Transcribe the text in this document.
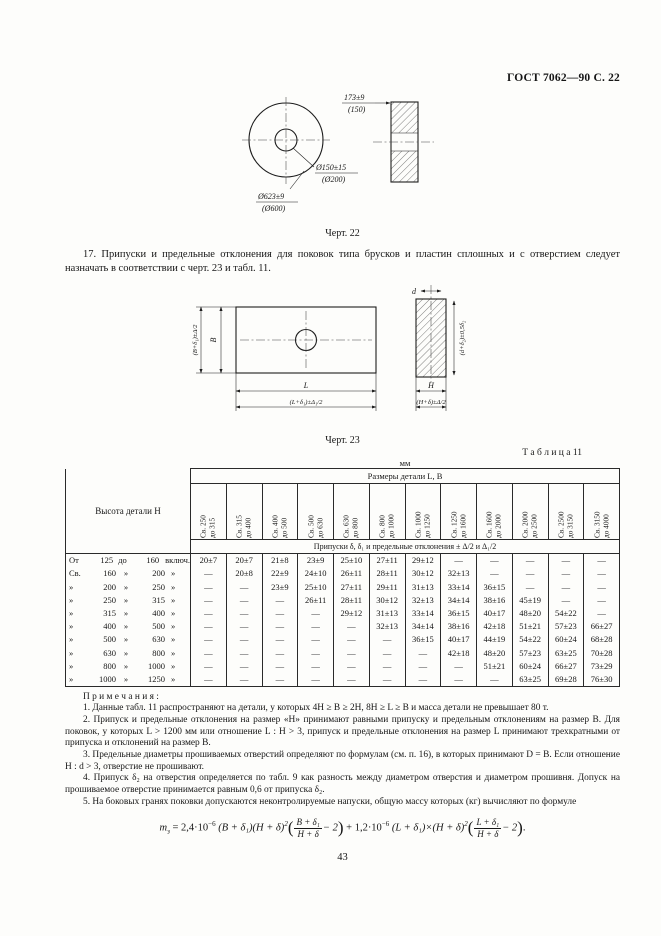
ГОСТ 7062—90 С. 22
Ø150±15
(Ø200)
Ø623±9
(Ø600)
173±9
(150)
Черт. 22

17. Припуски и предельные отклонения для поковок типа брусков и пластин сплошных и с отверстием следует назначать в соответствии с черт. 23 и табл. 11.

B
(B+δ₁)±Δ/2
L
(L+δ₁)±Δ₁/2
d
(d+δ₂)±0,5δ₂
H
(H+δ)±Δ/2
Черт. 23
Т а б л и ц а 11
мм
Высота детали Н	Размеры детали L, В											

Св. 250 до 315	Св. 315 до 400	Св. 400 до 500	Св. 500 до 630	Св. 630 до 800	Св. 800 до 1000	Св. 1000 до 1250	Св. 1250 до 1600	Св. 1600 до 2000	Св. 2000 до 2500	Св. 2500 до 3150	Св. 3150 до 4000

	Припуски δ, δ₁ и предельные отклонения ± Δ/2 и Δ₁/2											

От 125 до 160 включ.	20±7	20±7	21±8	23±9	25±10	27±11	29±12	—	—	—	—	—

Св. 160 » 200 »	—	20±8	22±9	24±10	26±11	28±11	30±12	32±13	—	—	—	—

» 200 » 250 »	—	—	23±9	25±10	27±11	29±11	31±13	33±14	36±15	—	—	—

» 250 » 315 »	—	—	—	26±11	28±11	30±12	32±13	34±14	38±16	45±19	—	—

» 315 » 400 »	—	—	—	—	29±12	31±13	33±14	36±15	40±17	48±20	54±22	—

» 400 » 500 »	—	—	—	—	—	32±13	34±14	38±16	42±18	51±21	57±23	66±27

» 500 » 630 »	—	—	—	—	—	—	36±15	40±17	44±19	54±22	60±24	68±28

» 630 » 800 »	—	—	—	—	—	—	—	42±18	48±20	57±23	63±25	70±28

» 800 » 1000 »	—	—	—	—	—	—	—	—	51±21	60±24	66±27	73±29

» 1000 » 1250 »	—	—	—	—	—	—	—	—	—	63±25	69±28	76±30
П р и м е ч а н и я :
1. Данные табл. 11 распространяют на детали, у которых 4Н ≥ В ≥ 2Н, 8Н ≥ L ≥ В и масса детали не превышает 80 т.
2. Припуск и предельные отклонения на размер «Н» принимают равными припуску и предельным отклонениям на размер В. Для поковок, у которых L > 1200 мм или отношение L : Н > 3, припуск и предельные отклонения на размер L принимают трехкратными от припуска и отклонений на размер В.
3. Предельные диаметры прошиваемых отверстий определяют по формулам (см. п. 16), в которых принимают D = В. Если отношение Н : d > 3, отверстие не прошивают.
4. Припуск δ₂ на отверстия определяется по табл. 9 как разность между диаметром отверстия и диаметром прошивня. Допуск на прошиваемое отверстие принимается равным 0,6 от припуска δ₂.
5. На боковых гранях поковки допускаются неконтролируемые напуски, общую массу которых (кг) вычисляют по формуле
$m_з = 2,4\cdot 10^{-6}$ $(B + \delta_1)(H + \delta)^2( \frac{\text{B + δ₁}}{H + \delta} - 2) + 1,2\cdot 10^{-6}$ $(L + \delta_1)\times(H + \delta)^2( \frac{\text{L + δ₁}}{H + \delta} - 2)$.
43
